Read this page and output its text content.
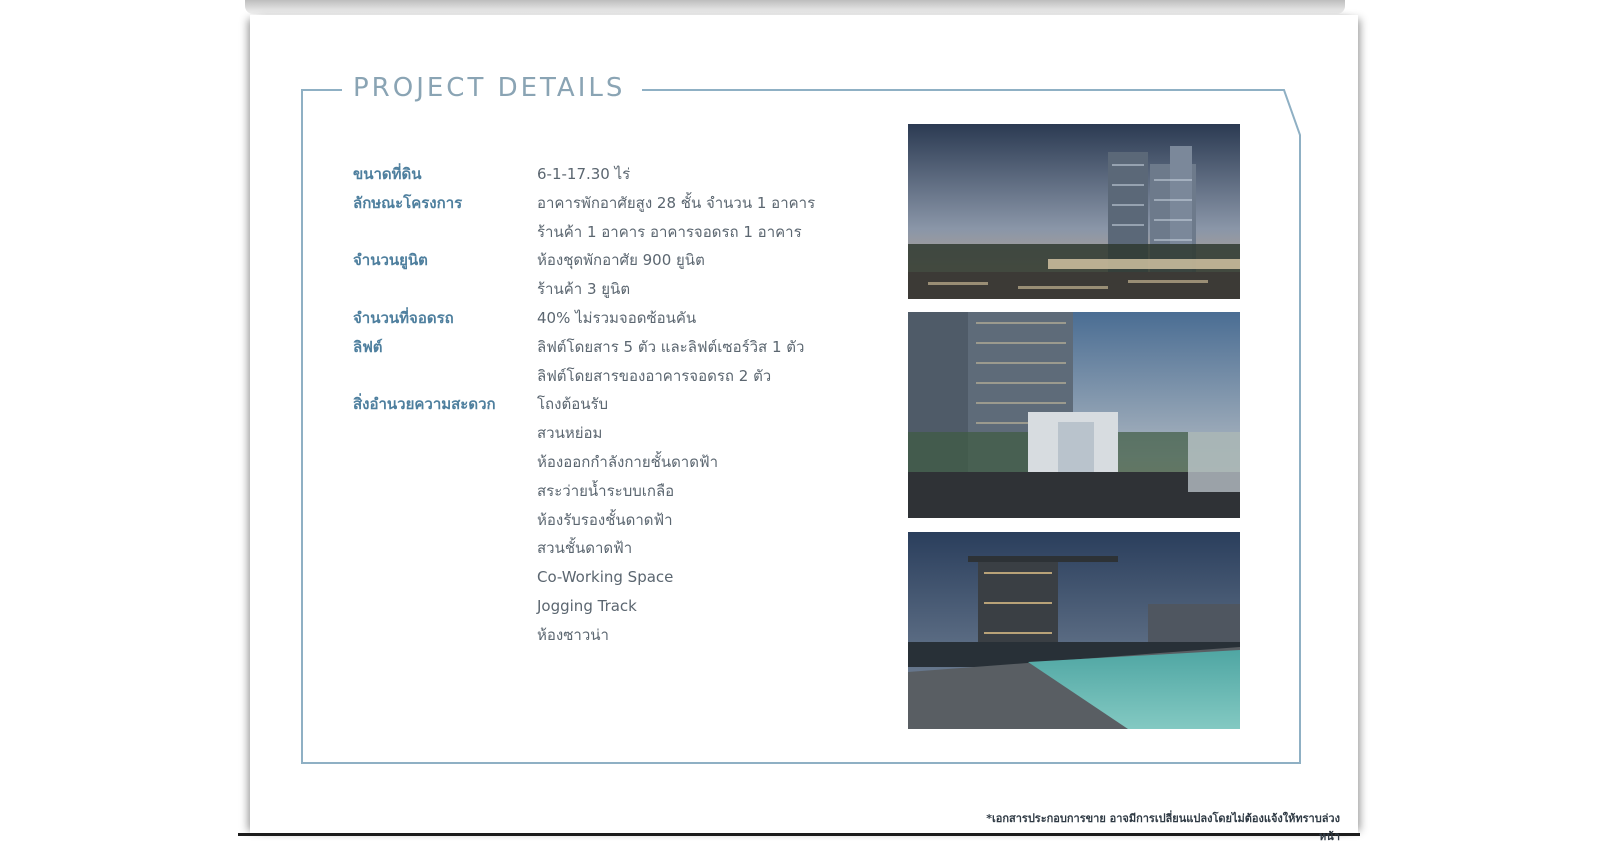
PROJECT DETAILS
ขนาดที่ดิน	6-1-17.30 ไร่
ลักษณะโครงการ	อาคารพักอาศัยสูง 28 ชั้น จำนวน 1 อาคาร
ร้านค้า 1 อาคาร อาคารจอดรถ 1 อาคาร
จำนวนยูนิต	ห้องชุดพักอาศัย 900 ยูนิต
ร้านค้า 3 ยูนิต
จำนวนที่จอดรถ	40% ไม่รวมจอดซ้อนคัน
ลิฟต์	ลิฟต์โดยสาร 5 ตัว และลิฟต์เซอร์วิส 1 ตัว
ลิฟต์โดยสารของอาคารจอดรถ 2 ตัว
สิ่งอำนวยความสะดวก	โถงต้อนรับ
สวนหย่อม
ห้องออกกำลังกายชั้นดาดฟ้า
สระว่ายน้ำระบบเกลือ
ห้องรับรองชั้นดาดฟ้า
สวนชั้นดาดฟ้า
Co-Working Space
Jogging Track
ห้องซาวน่า
*เอกสารประกอบการขาย อาจมีการเปลี่ยนแปลงโดยไม่ต้องแจ้งให้ทราบล่วงหน้า
